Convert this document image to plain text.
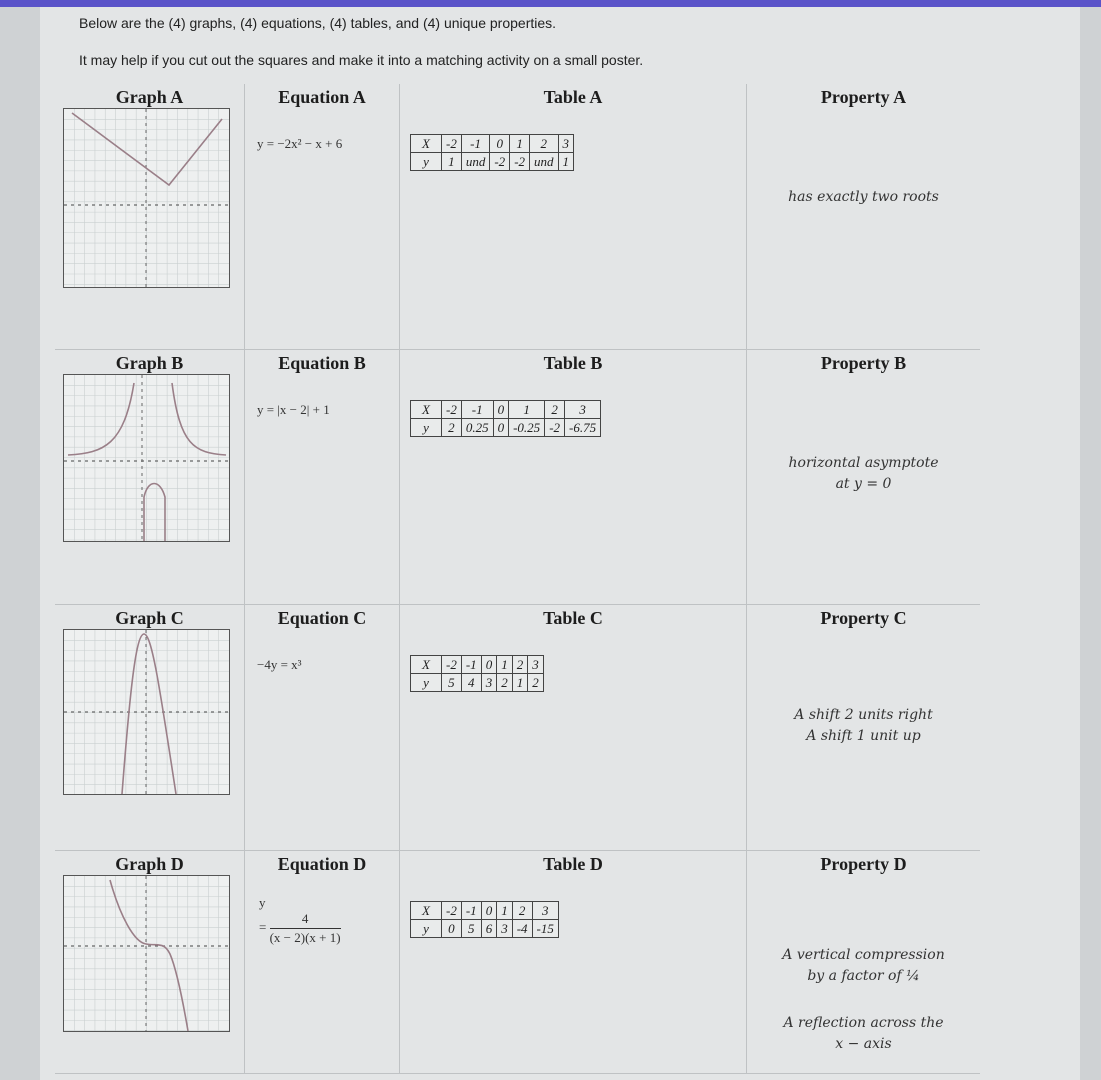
Below are the (4) graphs, (4) equations, (4) tables, and (4) unique properties.
It may help if you cut out the squares and make it into a matching activity on a small poster.
Graph A	Equation A
y = −2x² − x + 6
Table A
X	-2	-1	0	1	2	3
y	1	und	-2	-2	und	1
Property A
has exactly two roots
Graph B	Equation B
y = |x − 2| + 1
Table B
X	-2	-1	0	1	2	3
y	2	0.25	0	-0.25	-2	-6.75
Property B
horizontal asymptote
at y = 0
Graph C	Equation C
−4y = x³
Table C
X	-2	-1	0	1	2	3
y	5	4	3	2	1	2
Property C
A shift 2 units right
A shift 1 unit up
Graph D	Equation D
y
= $\frac{4}{(x - 2)(x + 1)}$
Table D
X	-2	-1	0	1	2	3
y	0	5	6	3	-4	-15
Property D
A vertical compression
by a factor of ¼
A reflection across the
x − axis
